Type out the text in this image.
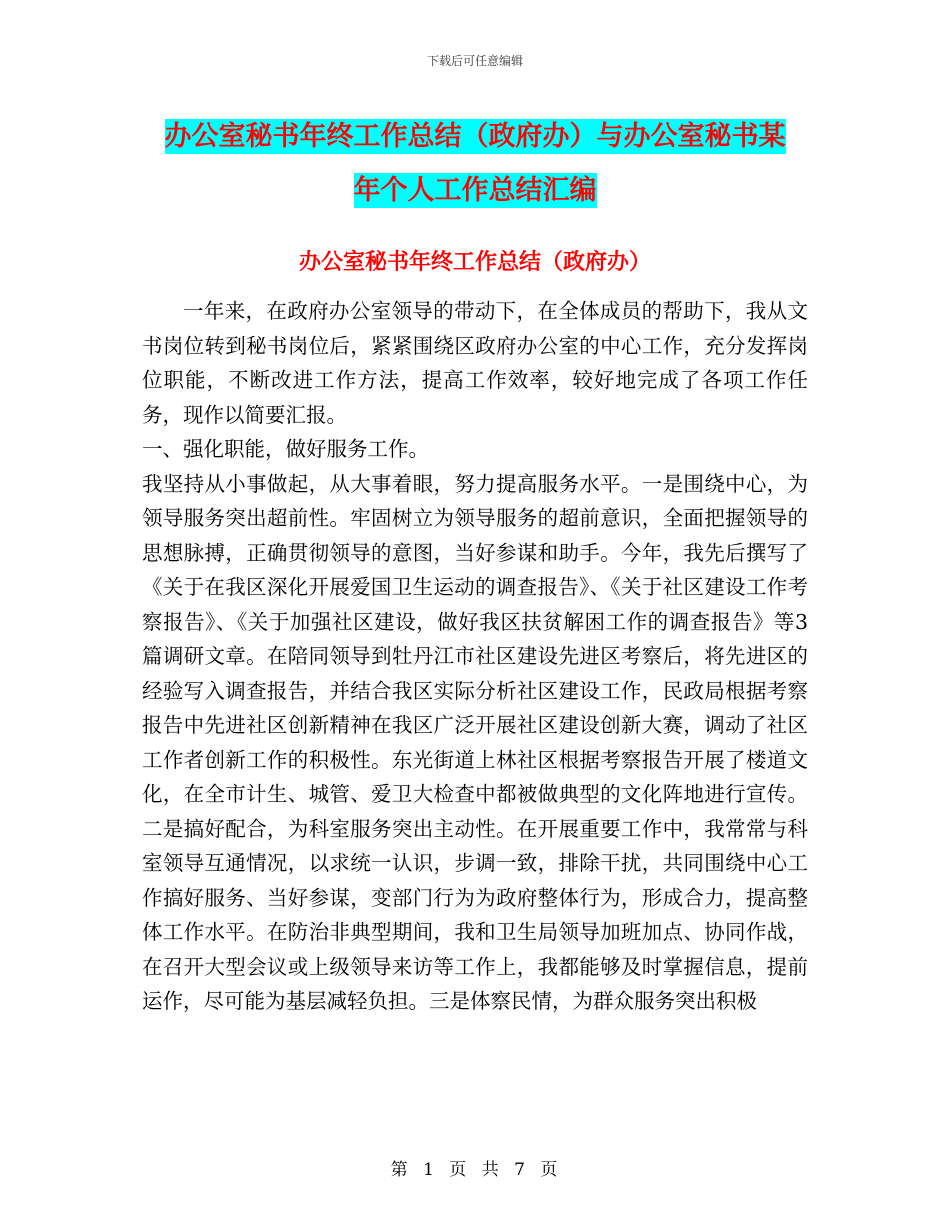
下载后可任意编辑
办公室秘书年终工作总结（政府办）与办公室秘书某
年个人工作总结汇编
办公室秘书年终工作总结（政府办）

一年来，在政府办公室领导的带动下，在全体成员的帮助下，我从文书岗位转到秘书岗位后，紧紧围绕区政府办公室的中心工作，充分发挥岗位职能，不断改进工作方法，提高工作效率，较好地完成了各项工作任务，现作以简要汇报。

一、强化职能，做好服务工作。

我坚持从小事做起，从大事着眼，努力提高服务水平。一是围绕中心，为领导服务突出超前性。牢固树立为领导服务的超前意识，全面把握领导的思想脉搏，正确贯彻领导的意图，当好参谋和助手。今年，我先后撰写了《关于在我区深化开展爱国卫生运动的调查报告》、《关于社区建设工作考察报告》、《关于加强社区建设，做好我区扶贫解困工作的调查报告》等3篇调研文章。在陪同领导到牡丹江市社区建设先进区考察后，将先进区的经验写入调查报告，并结合我区实际分析社区建设工作，民政局根据考察报告中先进社区创新精神在我区广泛开展社区建设创新大赛，调动了社区工作者创新工作的积极性。东光街道上林社区根据考察报告开展了楼道文化，在全市计生、城管、爱卫大检查中都被做典型的文化阵地进行宣传。二是搞好配合，为科室服务突出主动性。在开展重要工作中，我常常与科室领导互通情况，以求统一认识，步调一致，排除干扰，共同围绕中心工作搞好服务、当好参谋，变部门行为为政府整体行为，形成合力，提高整体工作水平。在防治非典型期间，我和卫生局领导加班加点、协同作战，在召开大型会议或上级领导来访等工作上，我都能够及时掌握信息，提前运作，尽可能为基层减轻负担。三是体察民情，为群众服务突出积极

第 1 页 共 7 页
